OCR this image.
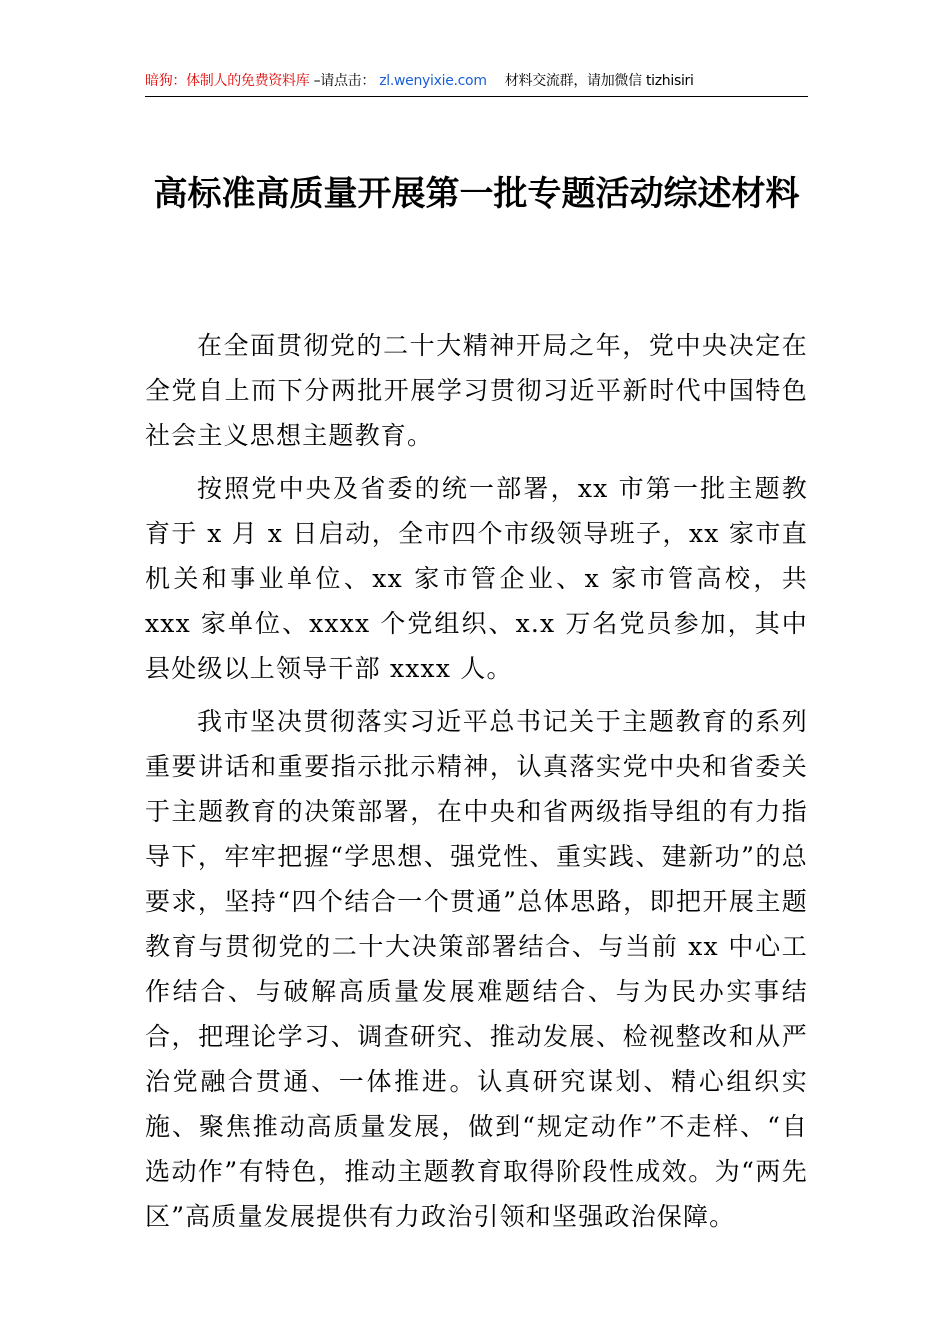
暗狗：体制人的免费资料库 –请点击： zl.wenyixie.com 材料交流群，请加微信 tizhisiri
高标准高质量开展第一批专题活动综述材料

在全面贯彻党的二十大精神开局之年，党中央决定在全党自上而下分两批开展学习贯彻习近平新时代中国特色社会主义思想主题教育。

按照党中央及省委的统一部署，xx 市第一批主题教育于 x 月 x 日启动，全市四个市级领导班子，xx 家市直机关和事业单位、xx 家市管企业、x 家市管高校，共 xxx 家单位、xxxx 个党组织、x.x 万名党员参加，其中县处级以上领导干部 xxxx 人。

我市坚决贯彻落实习近平总书记关于主题教育的系列重要讲话和重要指示批示精神，认真落实党中央和省委关于主题教育的决策部署，在中央和省两级指导组的有力指导下，牢牢把握“学思想、强党性、重实践、建新功”的总要求，坚持“四个结合一个贯通”总体思路，即把开展主题教育与贯彻党的二十大决策部署结合、与当前 xx 中心工作结合、与破解高质量发展难题结合、与为民办实事结合，把理论学习、调查研究、推动发展、检视整改和从严治党融合贯通、一体推进。认真研究谋划、精心组织实施、聚焦推动高质量发展，做到“规定动作”不走样、“自选动作”有特色，推动主题教育取得阶段性成效。为“两先区”高质量发展提供有力政治引领和坚强政治保障。
